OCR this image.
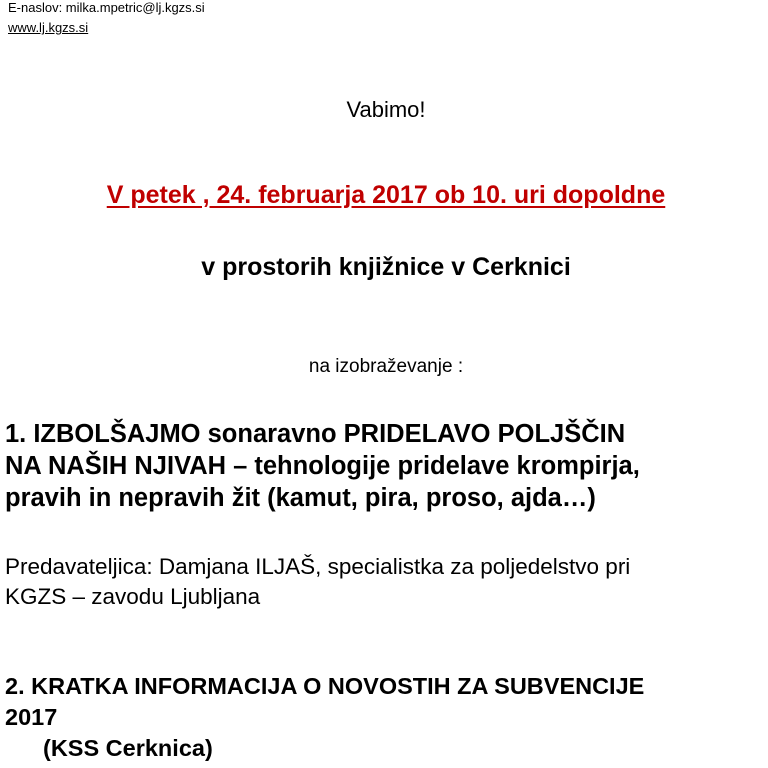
E-naslov: milka.mpetric@lj.kgzs.si
www.lj.kgzs.si
Vabimo!
V petek , 24. februarja 2017 ob 10. uri dopoldne
v prostorih knjižnice v Cerknici
na izobraževanje :
1. IZBOLŠAJMO sonaravno PRIDELAVO POLJŠČIN
NA NAŠIH NJIVAH – tehnologije pridelave krompirja,
pravih in nepravih žit (kamut, pira, proso, ajda…)
Predavateljica: Damjana ILJAŠ, specialistka za poljedelstvo pri
KGZS – zavodu Ljubljana
2. KRATKA INFORMACIJA O NOVOSTIH ZA SUBVENCIJE
2017
(KSS Cerknica)
